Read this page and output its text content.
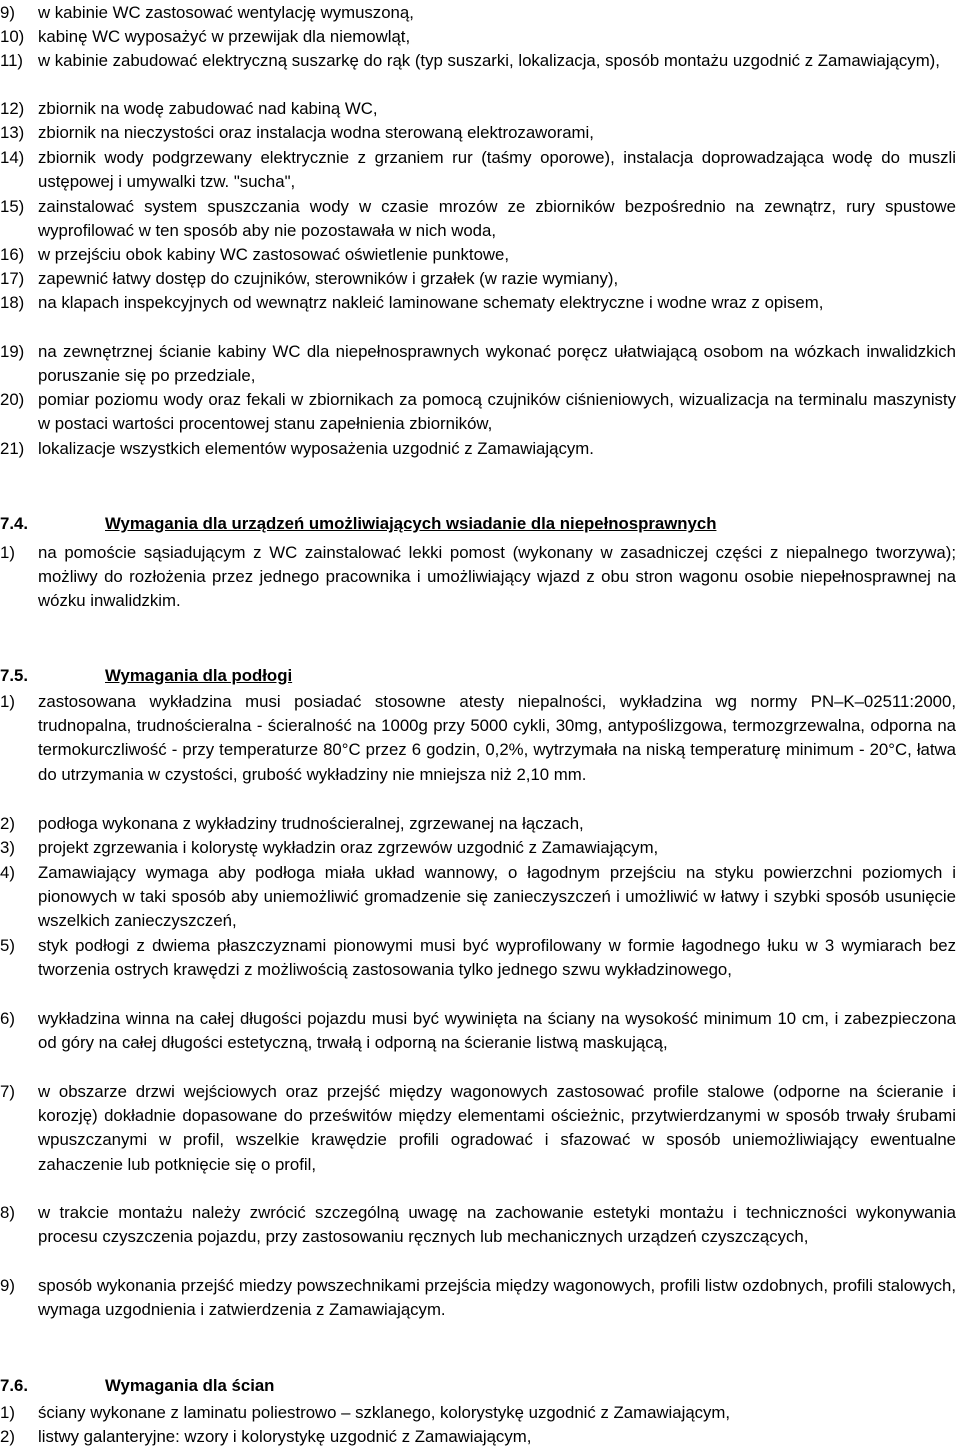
9)	w kabinie WC zastosować wentylację wymuszoną,
10) kabinę WC wyposażyć w przewijak dla niemowląt,
11) w kabinie zabudować elektryczną suszarkę do rąk (typ suszarki, lokalizacja, sposób montażu uzgodnić z Zamawiającym),
12) zbiornik na wodę zabudować nad kabiną WC,
13) zbiornik na nieczystości oraz instalacja wodna sterowaną elektrozaworami,
14) zbiornik wody podgrzewany elektrycznie z grzaniem rur (taśmy oporowe), instalacja doprowadzająca wodę do muszli ustępowej i umywalki tzw. "sucha",
15) zainstalować system spuszczania wody w czasie mrozów ze zbiorników bezpośrednio na zewnątrz, rury spustowe wyprofilować w ten sposób aby nie pozostawała w nich woda,
16) w przejściu obok kabiny WC zastosować oświetlenie punktowe,
17) zapewnić łatwy dostęp do czujników, sterowników i grzałek (w razie wymiany),
18) na klapach inspekcyjnych od wewnątrz nakleić laminowane schematy elektryczne i wodne wraz z opisem,
19) na zewnętrznej ścianie kabiny WC dla niepełnosprawnych wykonać poręcz ułatwiającą osobom na wózkach inwalidzkich poruszanie się po przedziale,
20) pomiar poziomu wody oraz fekali w zbiornikach za pomocą czujników ciśnieniowych, wizualizacja na terminalu maszynisty w postaci wartości procentowej stanu zapełnienia zbiorników,
21) lokalizacje wszystkich elementów wyposażenia uzgodnić z Zamawiającym.
7.4.	Wymagania dla urządzeń umożliwiających wsiadanie dla niepełnosprawnych
1)	na pomoście sąsiadującym z WC zainstalować lekki pomost (wykonany w zasadniczej części z niepalnego tworzywa); możliwy do rozłożenia przez jednego pracownika i umożliwiający wjazd z obu stron wagonu osobie niepełnosprawnej na wózku inwalidzkim.
7.5.	Wymagania dla podłogi
1)	zastosowana wykładzina musi posiadać stosowne atesty niepalności, wykładzina wg normy PN–K–02511:2000, trudnopalna, trudnościeralna - ścieralność na 1000g przy 5000 cykli, 30mg, antypoślizgowa, termozgrzewalna, odporna na termokurczliwość - przy temperaturze 80°C przez 6 godzin, 0,2%, wytrzymała na niską temperaturę minimum - 20°C, łatwa do utrzymania w czystości, grubość wykładziny nie mniejsza niż 2,10 mm.
2)	podłoga wykonana z wykładziny trudnościeralnej, zgrzewanej na łączach,
3)	projekt zgrzewania i kolorystę wykładzin oraz zgrzewów uzgodnić z Zamawiającym,
4)	Zamawiający wymaga aby podłoga miała układ wannowy, o łagodnym przejściu na styku powierzchni poziomych i pionowych w taki sposób aby uniemożliwić gromadzenie się zanieczyszczeń i umożliwić w łatwy i szybki sposób usunięcie wszelkich zanieczyszczeń,
5)	styk podłogi z dwiema płaszczyznami pionowymi musi być wyprofilowany w formie łagodnego łuku w 3 wymiarach bez tworzenia ostrych krawędzi z możliwością zastosowania tylko jednego szwu wykładzinowego,
6)	wykładzina winna na całej długości pojazdu musi być wywinięta na ściany na wysokość minimum 10 cm, i zabezpieczona od góry na całej długości estetyczną, trwałą i odporną na ścieranie listwą maskującą,
7)	w obszarze drzwi wejściowych oraz przejść między wagonowych zastosować profile stalowe (odporne na ścieranie i korozję) dokładnie dopasowane do prześwitów między elementami ościeżnic, przytwierdzanymi w sposób trwały śrubami wpuszczanymi w profil, wszelkie krawędzie profili ogradować i sfazować w sposób uniemożliwiający ewentualne zahaczenie lub potknięcie się o profil,
8)	w trakcie montażu należy zwrócić szczególną uwagę na zachowanie estetyki montażu i techniczności wykonywania procesu czyszczenia pojazdu, przy zastosowaniu ręcznych lub mechanicznych urządzeń czyszczących,
9)	sposób wykonania przejść miedzy powszechnikami przejścia między wagonowych, profili listw ozdobnych, profili stalowych, wymaga uzgodnienia i zatwierdzenia z Zamawiającym.
7.6.	Wymagania dla ścian
1)	ściany wykonane z laminatu poliestrowo – szklanego, kolorystykę uzgodnić z Zamawiającym,
2)	listwy galanteryjne: wzory i kolorystykę uzgodnić z Zamawiającym,
